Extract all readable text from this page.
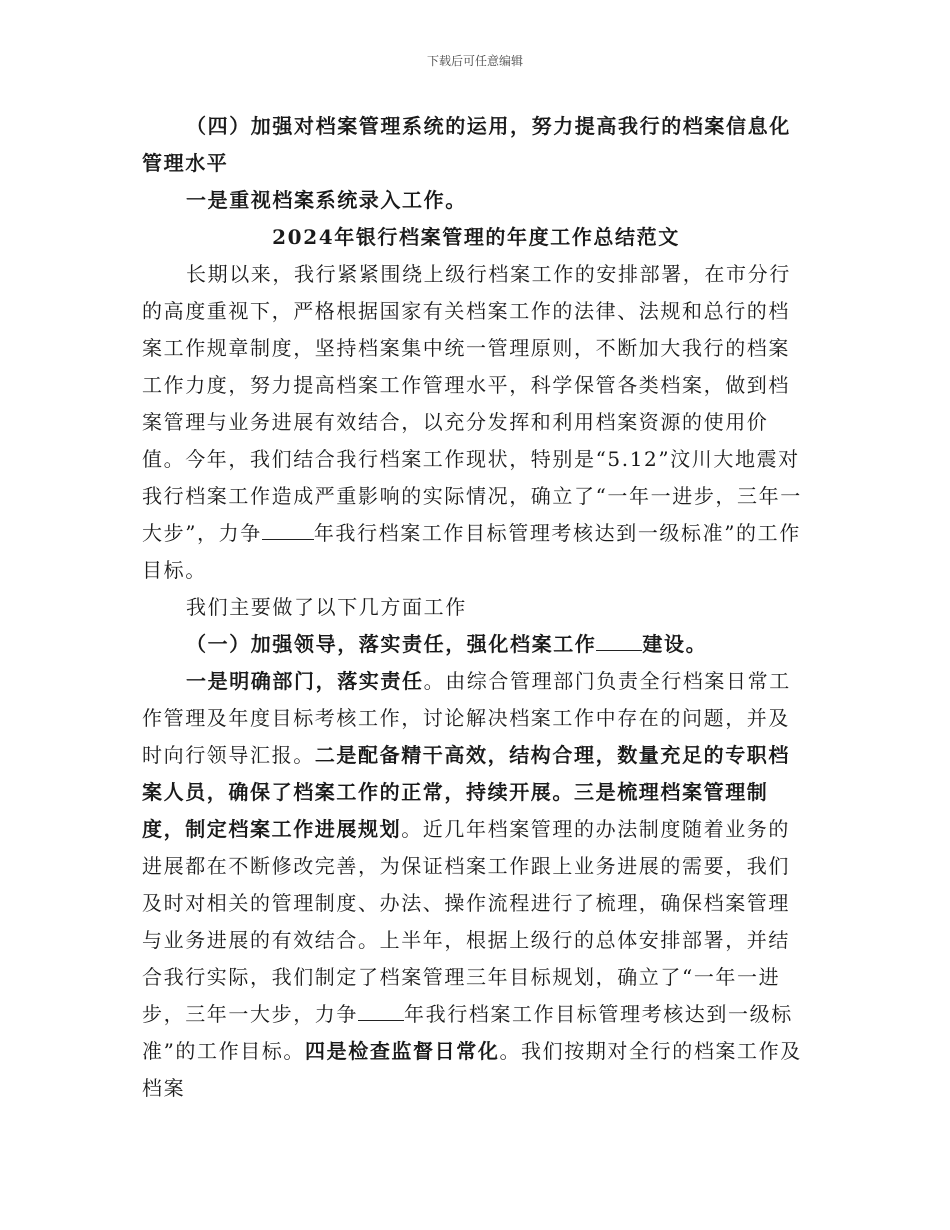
下载后可任意编辑

（四）加强对档案管理系统的运用，努力提高我行的档案信息化管理水平

一是重视档案系统录入工作。

2024年银行档案管理的年度工作总结范文

长期以来，我行紧紧围绕上级行档案工作的安排部署，在市分行的高度重视下，严格根据国家有关档案工作的法律、法规和总行的档案工作规章制度，坚持档案集中统一管理原则，不断加大我行的档案工作力度，努力提高档案工作管理水平，科学保管各类档案，做到档案管理与业务进展有效结合，以充分发挥和利用档案资源的使用价值。今年，我们结合我行档案工作现状，特别是“5.12”汶川大地震对我行档案工作造成严重影响的实际情况，确立了“一年一进步，三年一大步”，力争	年我行档案工作目标管理考核达到一级标准”的工作目标。

我们主要做了以下几方面工作

（一）加强领导，落实责任，强化档案工作 建设。

一是明确部门，落实责任。由综合管理部门负责全行档案日常工作管理及年度目标考核工作，讨论解决档案工作中存在的问题，并及时向行领导汇报。二是配备精干高效，结构合理，数量充足的专职档案人员，确保了档案工作的正常，持续开展。三是梳理档案管理制度，制定档案工作进展规划。近几年档案管理的办法制度随着业务的进展都在不断修改完善，为保证档案工作跟上业务进展的需要，我们及时对相关的管理制度、办法、操作流程进行了梳理，确保档案管理与业务进展的有效结合。上半年，根据上级行的总体安排部署，并结合我行实际，我们制定了档案管理三年目标规划，确立了“一年一进步，三年一大步，力争 年我行档案工作目标管理考核达到一级标准”的工作目标。四是检查监督日常化。我们按期对全行的档案工作及档案
